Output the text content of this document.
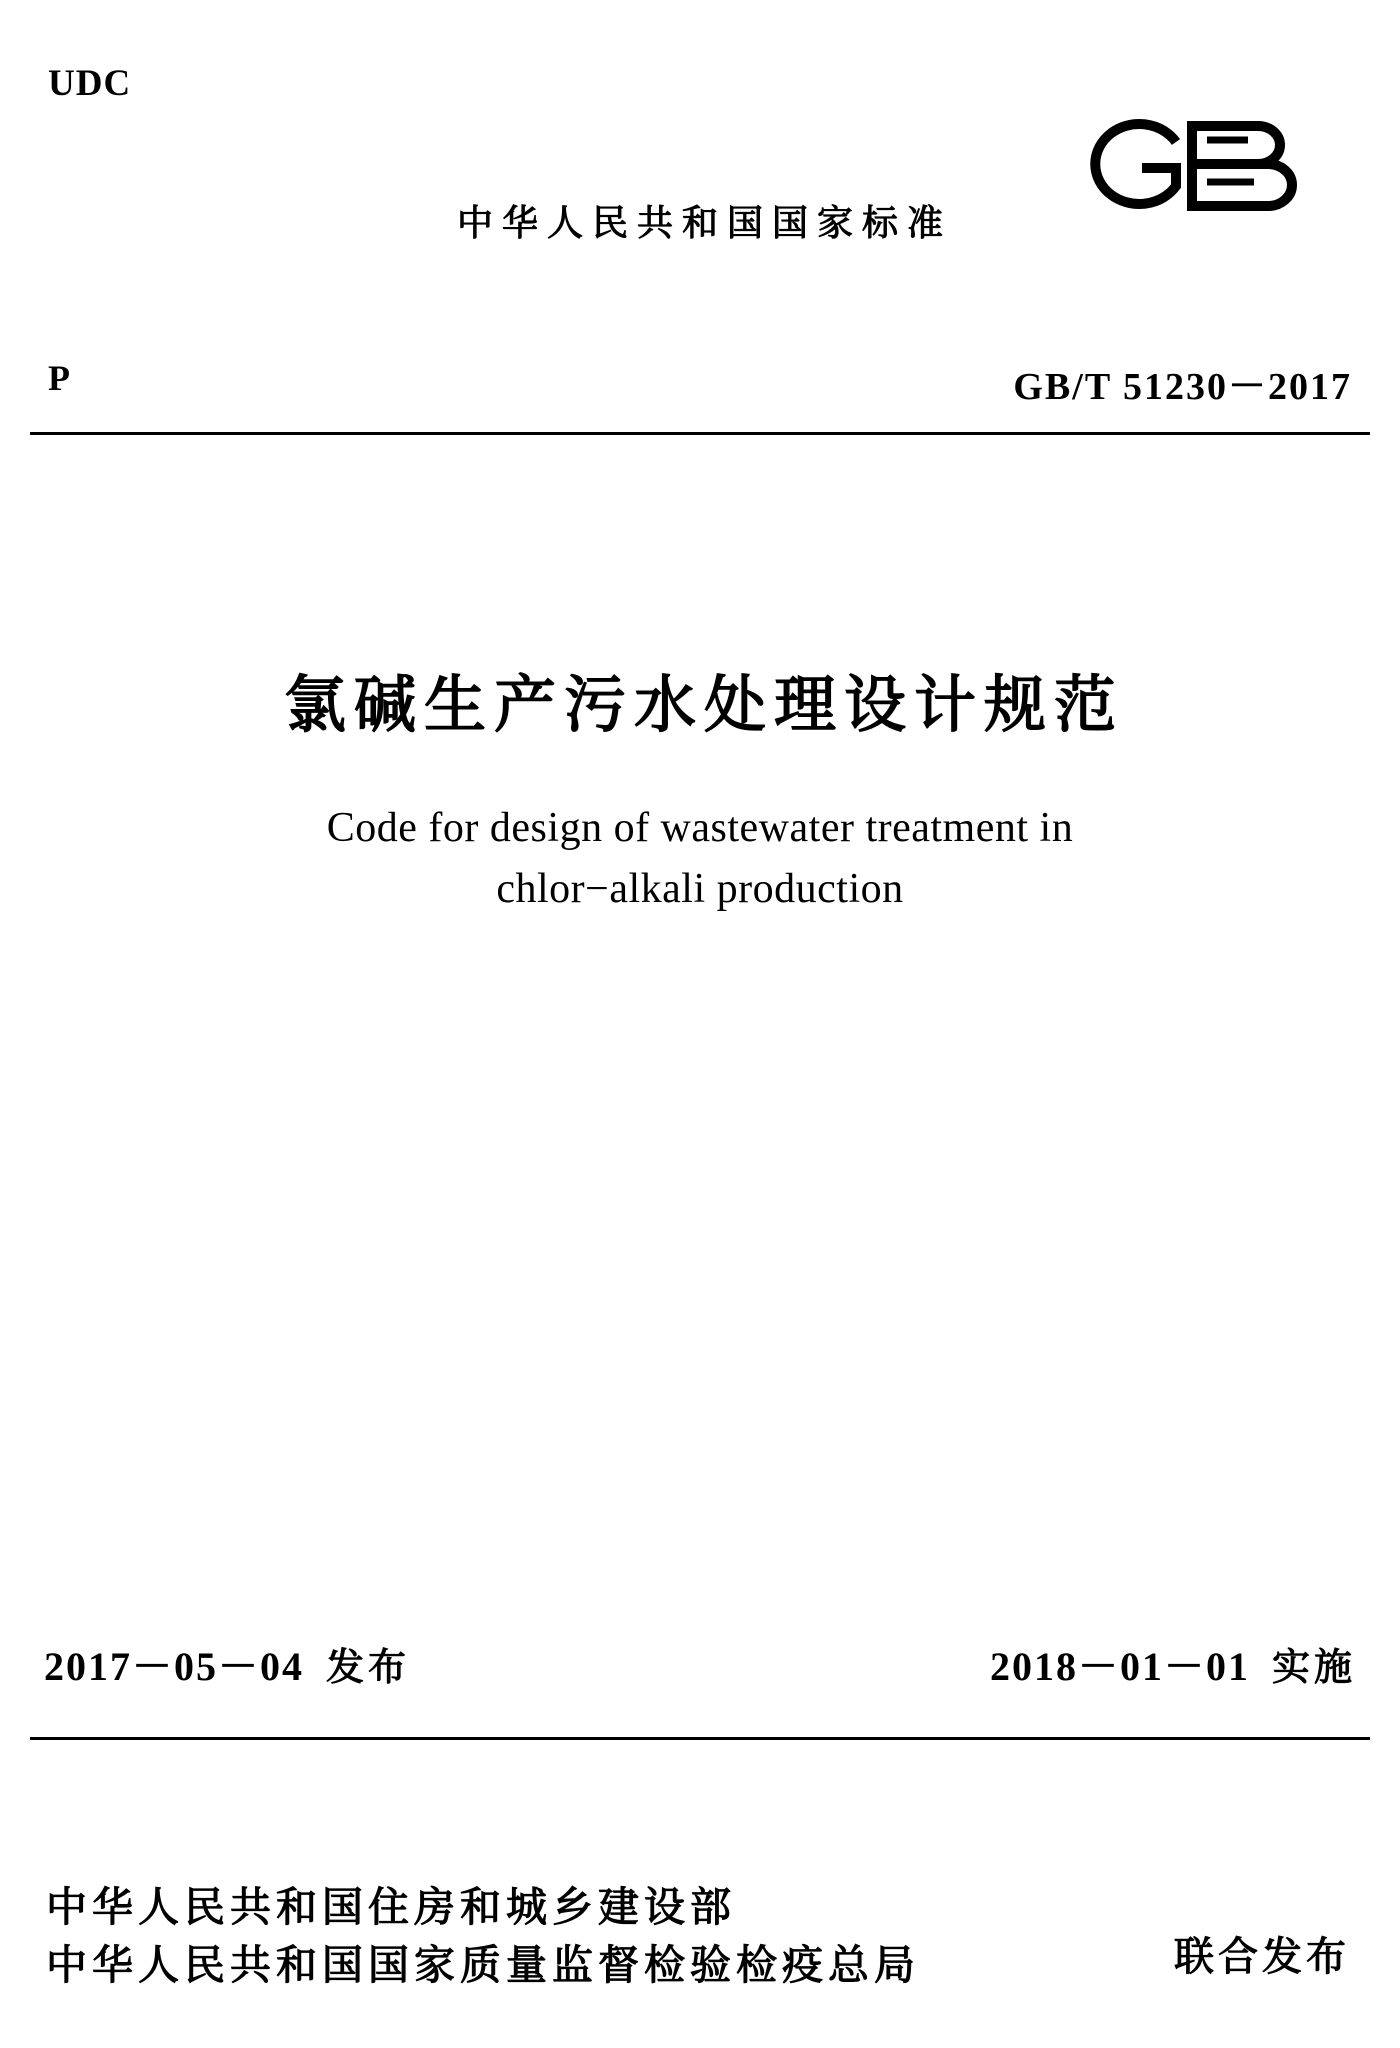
UDC
中华人民共和国国家标准
P	GB/T 51230－2017
氯碱生产污水处理设计规范
Code for design of wastewater treatment in
chlor−alkali production
2017－05－04 发布	2018－01－01 实施
中华人民共和国住房和城乡建设部
中华人民共和国国家质量监督检验检疫总局	联合发布
